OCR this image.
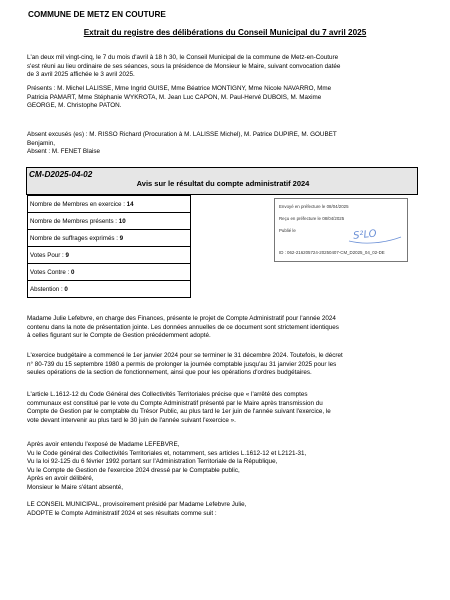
COMMUNE DE METZ EN COUTURE
Extrait du registre des délibérations du Conseil Municipal du 7 avril 2025
L'an deux mil vingt-cinq, le 7 du mois d'avril à 18 h 30, le Conseil Municipal de la commune de Metz-en-Couture
s'est réuni au lieu ordinaire de ses séances, sous la présidence de Monsieur le Maire, suivant convocation datée
de 3 avril 2025 affichée le 3 avril 2025.
Présents : M. Michel LALISSE, Mme Ingrid GUISE, Mme Béatrice MONTIGNY, Mme Nicole NAVARRO, Mme
Patricia PAMART, Mme Stéphanie WYKROTA, M. Jean Luc CAPON, M. Paul-Hervé DUBOIS, M. Maxime
GEORGE, M. Christophe PATON.
Absent excusés (es) : M. RISSO Richard (Procuration à M. LALISSE Michel), M. Patrice DUPIRE, M. GOUBET
Benjamin,
Absent : M. FENET Blaise
CM-D2025-04-02
Avis sur le résultat du compte administratif 2024
Nombre de Membres en exercice : 14
Nombre de Membres présents : 10
Nombre de suffrages exprimés : 9
Votes Pour : 9
Votes Contre : 0
Abstention : 0
Envoyé en préfecture le 08/04/2025
Reçu en préfecture le 08/04/2025
Publié le
ID : 062-216205724-20250407-CM_D2025_04_02-DE
S²LO
Madame Julie Lefebvre, en charge des Finances, présente le projet de Compte Administratif pour l'année 2024
contenu dans la note de présentation jointe. Les données annuelles de ce document sont strictement identiques
à celles figurant sur le Compte de Gestion précédemment adopté.
L'exercice budgétaire a commencé le 1er janvier 2024 pour se terminer le 31 décembre 2024. Toutefois, le décret
n° 80-739 du 15 septembre 1980 a permis de prolonger la journée comptable jusqu'au 31 janvier 2025 pour les
seules opérations de la section de fonctionnement, ainsi que pour les opérations d'ordres budgétaires.
L'article L.1612-12 du Code Général des Collectivités Territoriales précise que « l'arrêté des comptes
communaux est constitué par le vote du Compte Administratif présenté par le Maire après transmission du
Compte de Gestion par le comptable du Trésor Public, au plus tard le 1er juin de l'année suivant l'exercice, le
vote devant intervenir au plus tard le 30 juin de l'année suivant l'exercice ».
Après avoir entendu l'exposé de Madame LEFEBVRE,
Vu le Code général des Collectivités Territoriales et, notamment, ses articles L.1612-12 et L2121-31,
Vu la loi 92-125 du 6 février 1992 portant sur l'Administration Territoriale de la République,
Vu le Compte de Gestion de l'exercice 2024 dressé par le Comptable public,
Après en avoir délibéré,
Monsieur le Maire s'étant absenté,
LE CONSEIL MUNICIPAL, provisoirement présidé par Madame Lefebvre Julie,
ADOPTE le Compte Administratif 2024 et ses résultats comme suit :
